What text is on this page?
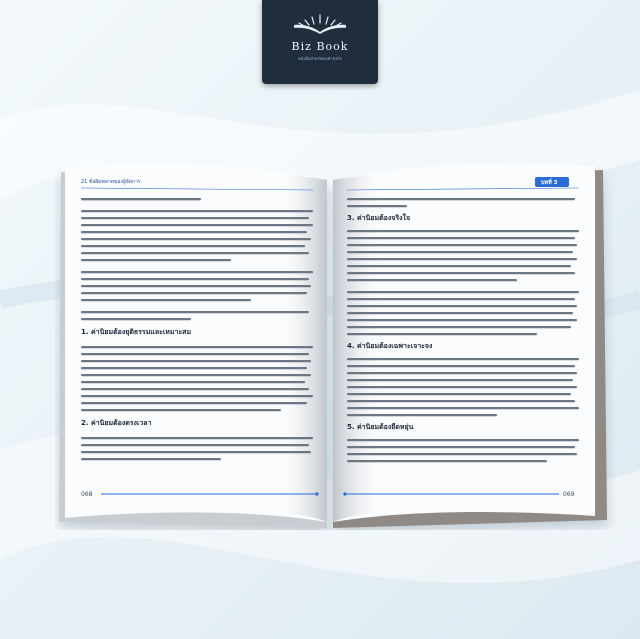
Biz Book
หนังสือสำหรับคนทำธุรกิจ
21 ข้อผิดพลาดของผู้จัดการ	บทที่ 3
1. ค่านิยมต้องยุติธรรมและเหมาะสม
2. ค่านิยมต้องตรงเวลา
3. ค่านิยมต้องจริงใจ
4. ค่านิยมต้องเฉพาะเจาะจง
5. ค่านิยมต้องยืดหยุ่น
068	069
